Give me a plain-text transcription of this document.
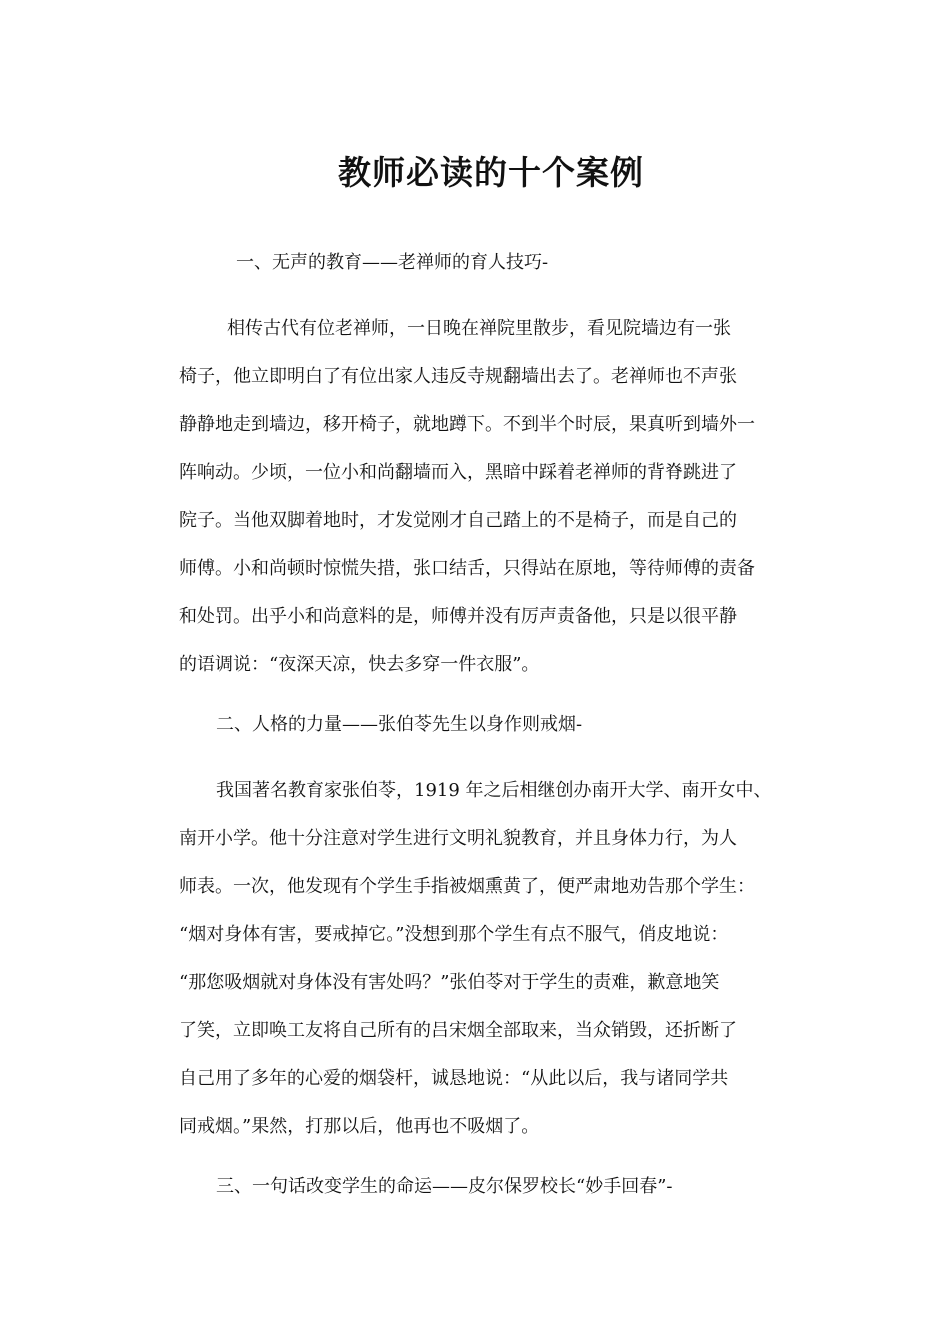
教师必读的十个案例

一、无声的教育——老禅师的育人技巧-

相传古代有位老禅师，一日晚在禅院里散步，看见院墙边有一张
椅子，他立即明白了有位出家人违反寺规翻墙出去了。老禅师也不声张
静静地走到墙边，移开椅子，就地蹲下。不到半个时辰，果真听到墙外一
阵响动。少顷，一位小和尚翻墙而入，黑暗中踩着老禅师的背脊跳进了
院子。当他双脚着地时，才发觉刚才自己踏上的不是椅子，而是自己的
师傅。小和尚顿时惊慌失措，张口结舌，只得站在原地，等待师傅的责备
和处罚。出乎小和尚意料的是，师傅并没有厉声责备他，只是以很平静
的语调说：“夜深天凉，快去多穿一件衣服”。

二、人格的力量——张伯苓先生以身作则戒烟-

我国著名教育家张伯苓，1919 年之后相继创办南开大学、南开女中、
南开小学。他十分注意对学生进行文明礼貌教育，并且身体力行，为人
师表。一次，他发现有个学生手指被烟熏黄了，便严肃地劝告那个学生：
“烟对身体有害，要戒掉它。”没想到那个学生有点不服气，俏皮地说：
“那您吸烟就对身体没有害处吗？”张伯苓对于学生的责难，歉意地笑
了笑，立即唤工友将自己所有的吕宋烟全部取来，当众销毁，还折断了
自己用了多年的心爱的烟袋杆，诚恳地说：“从此以后，我与诸同学共
同戒烟。”果然，打那以后，他再也不吸烟了。

三、一句话改变学生的命运——皮尔保罗校长“妙手回春”-
